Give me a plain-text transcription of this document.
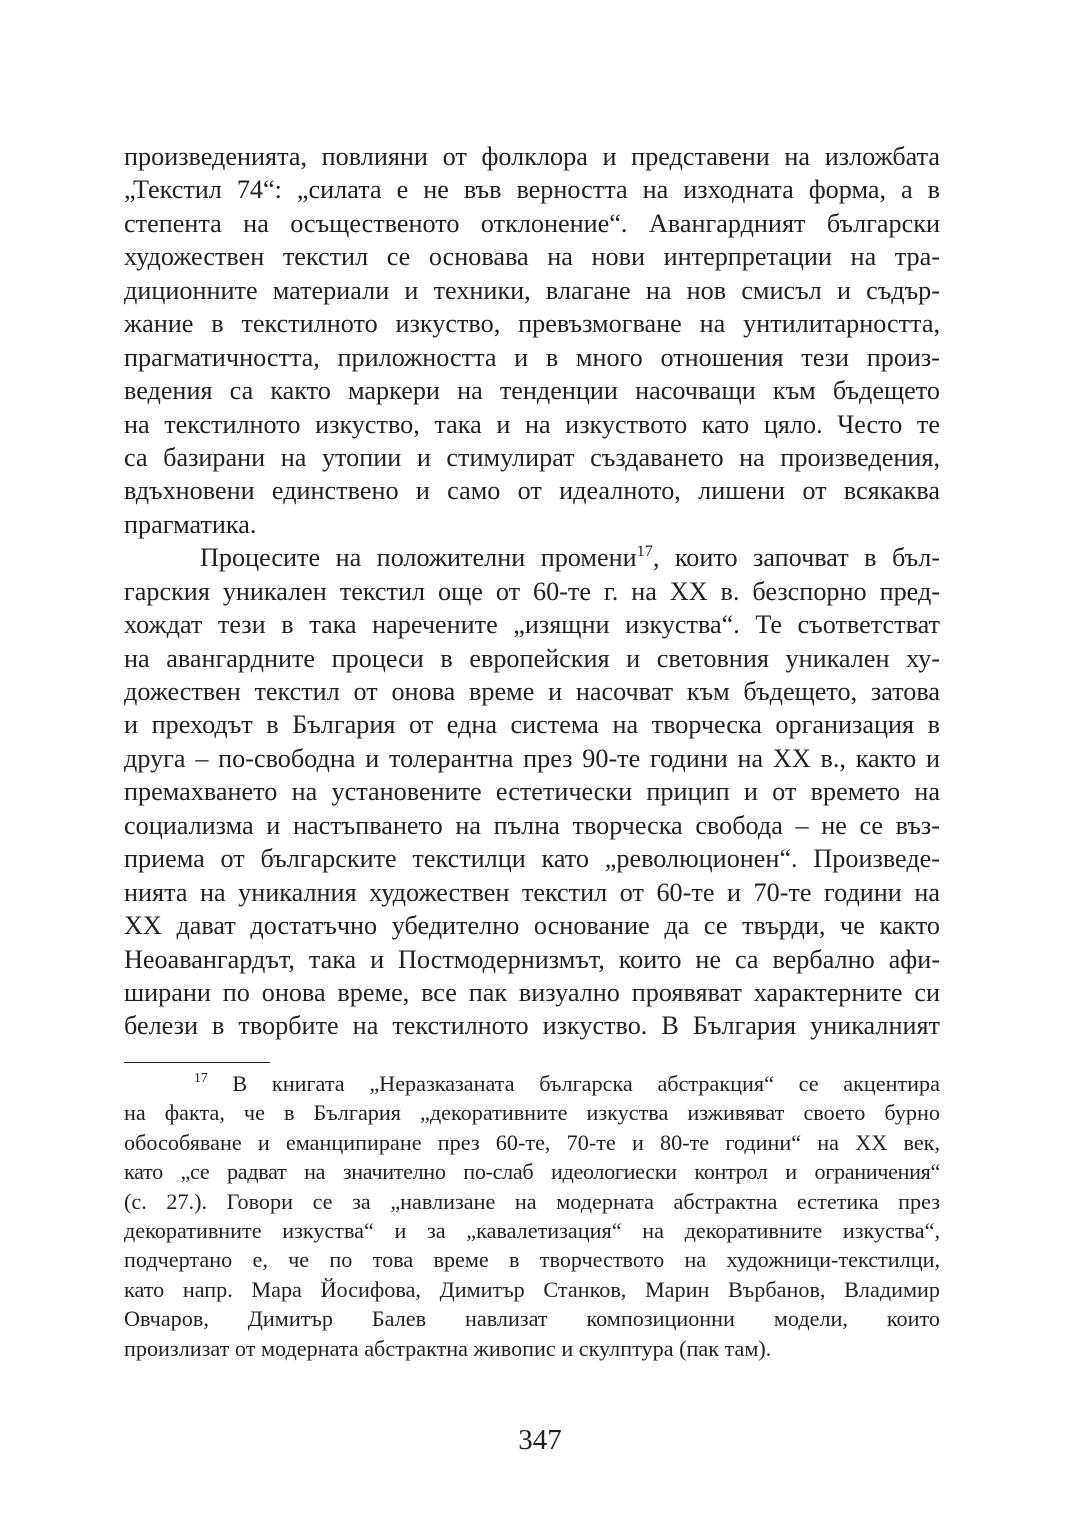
произведенията, повлияни от фолклора и представени на изложбата
„Текстил 74“: „силата е не във верността на изходната форма, а в
степента на осъщественото отклонение“. Авангардният български
художествен текстил се основава на нови интерпретации на тра-
диционните материали и техники, влагане на нов смисъл и съдър-
жание в текстилното изкуство, превъзмогване на унтилитарността,
прагматичността, приложността и в много отношения тези произ-
ведения са както маркери на тенденции насочващи към бъдещето
на текстилното изкуство, така и на изкуството като цяло. Често те
са базирани на утопии и стимулират създаването на произведения,
вдъхновени единствено и само от идеалното, лишени от всякаква
прагматика.
Процесите на положителни промени$^{17}$, които започват в бъл-
гарския уникален текстил още от 60-те г. на ХХ в. безспорно пред-
хождат тези в така наречените „изящни изкуства“. Те съответстват
на авангардните процеси в европейския и световния уникален ху-
дожествен текстил от онова време и насочват към бъдещето, затова
и преходът в България от една система на творческа организация в
друга – по-свободна и толерантна през 90-те години на ХХ в., както и
премахването на установените естетически прицип и от времето на
социализма и настъпването на пълна творческа свобода – не се въз-
приема от българските текстилци като „революционен“. Произведе-
нията на уникалния художествен текстил от 60-те и 70-те години на
ХХ дават достатъчно убедително основание да се твърди, че както
Неоавангардът, така и Постмодернизмът, които не са вербално афи-
ширани по онова време, все пак визуално проявяват характерните си
белези в творбите на текстилното изкуство. В България уникалният
$^{17}$ В книгата „Неразказаната българска абстракция“ се акцентира
на факта, че в България „декоративните изкуства изживяват своето бурно
обособяване и еманципиране през 60-те, 70-те и 80-те години“ на ХХ век,
като „се радват на значително по-слаб идеологиески контрол и ограничения“
(с. 27.). Говори се за „навлизане на модерната абстрактна естетика през
декоративните изкуства“ и за „кавалетизация“ на декоративните изкуства“,
подчертано е, че по това време в творчеството на художници-текстилци,
като напр. Мара Йосифова, Димитър Станков, Марин Върбанов, Владимир
Овчаров, Димитър Балев навлизат композиционни модели, които
произлизат от модерната абстрактна живопис и скулптура (пак там).
347
